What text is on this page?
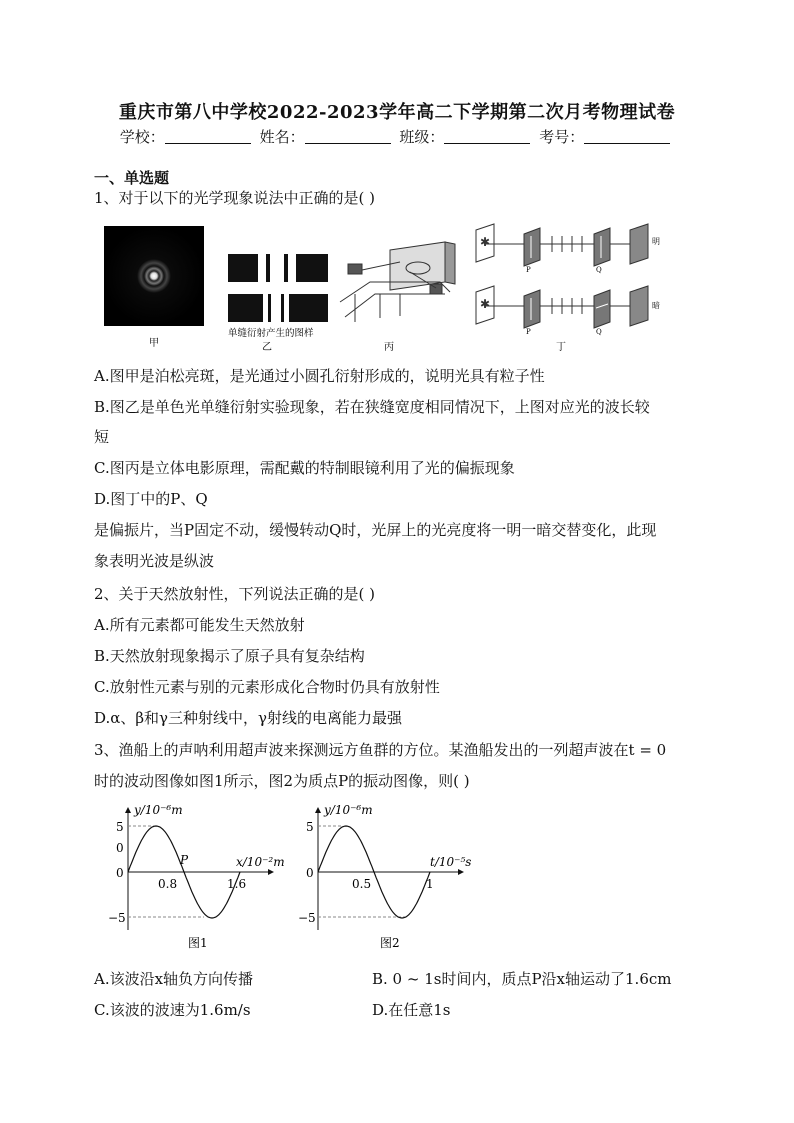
重庆市第八中学校2022-2023学年高二下学期第二次月考物理试卷
学校：	姓名：	班级：	考号：
一、单选题
1、对于以下的光学现象说法中正确的是( )
甲
单缝衍射产生的图样
乙	丙
✱
P	Q
明
✱
P	Q
暗
丁
A.图甲是泊松亮斑，是光通过小圆孔衍射形成的，说明光具有粒子性
B.图乙是单色光单缝衍射实验现象，若在狭缝宽度相同情况下，上图对应光的波长较
短
C.图丙是立体电影原理，需配戴的特制眼镜利用了光的偏振现象
D.图丁中的P、Q
是偏振片，当P固定不动，缓慢转动Q时，光屏上的光亮度将一明一暗交替变化，此现
象表明光波是纵波
2、关于天然放射性，下列说法正确的是( )
A.所有元素都可能发生天然放射
B.天然放射现象揭示了原子具有复杂结构
C.放射性元素与别的元素形成化合物时仍具有放射性
D.α、β和γ三种射线中，γ射线的电离能力最强
3、渔船上的声呐利用超声波来探测远方鱼群的方位。某渔船发出的一列超声波在t = 0
时的波动图像如图1所示，图2为质点P的振动图像，则( )
y/10⁻⁶m
x/10⁻²m
5
0
0
0.8	1.6
−5
P
图1
y/10⁻⁶m
t/10⁻⁵s
5
0
0.5	1
−5
图2
A.该波沿x轴负方向传播	B. 0 ~ 1s时间内，质点P沿x轴运动了1.6cm
C.该波的波速为1.6m/s	D.在任意1s
